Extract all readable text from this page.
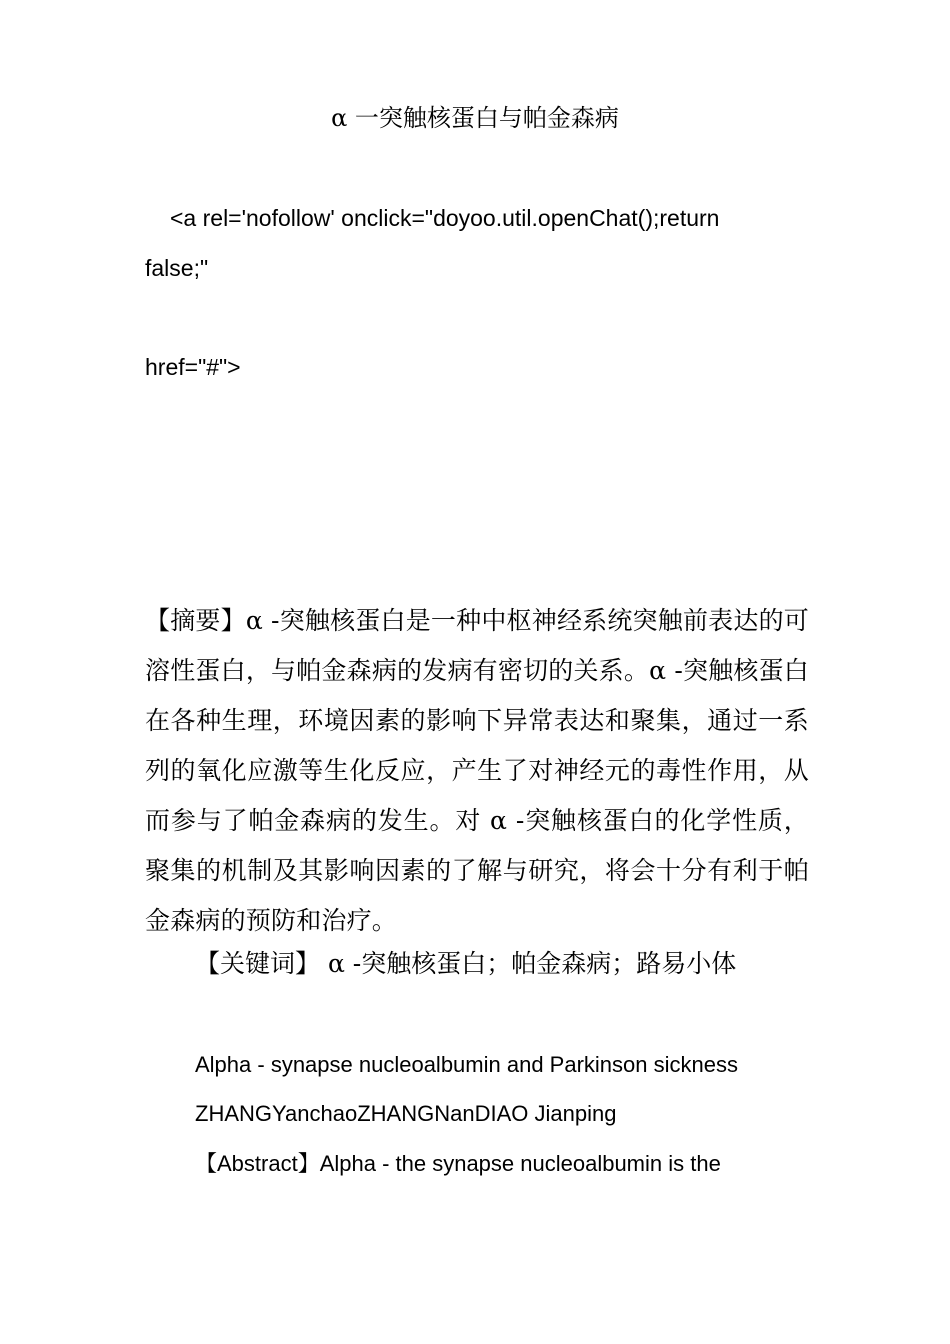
α 一突触核蛋白与帕金森病
<a rel='nofollow' onclick="doyoo.util.openChat();return
false;"
href="#">
【摘要】α -突触核蛋白是一种中枢神经系统突触前表达的可溶性蛋白，与帕金森病的发病有密切的关系。α -突触核蛋白在各种生理，环境因素的影响下异常表达和聚集，通过一系列的氧化应激等生化反应，产生了对神经元的毒性作用，从而参与了帕金森病的发生。对 α -突触核蛋白的化学性质，聚集的机制及其影响因素的了解与研究，将会十分有利于帕金森病的预防和治疗。
【关键词】 α -突触核蛋白；帕金森病；路易小体
Alpha - synapse nucleoalbumin and Parkinson sickness
ZHANGYanchaoZHANGNanDIAO Jianping
【Abstract】Alpha - the synapse nucleoalbumin is the
